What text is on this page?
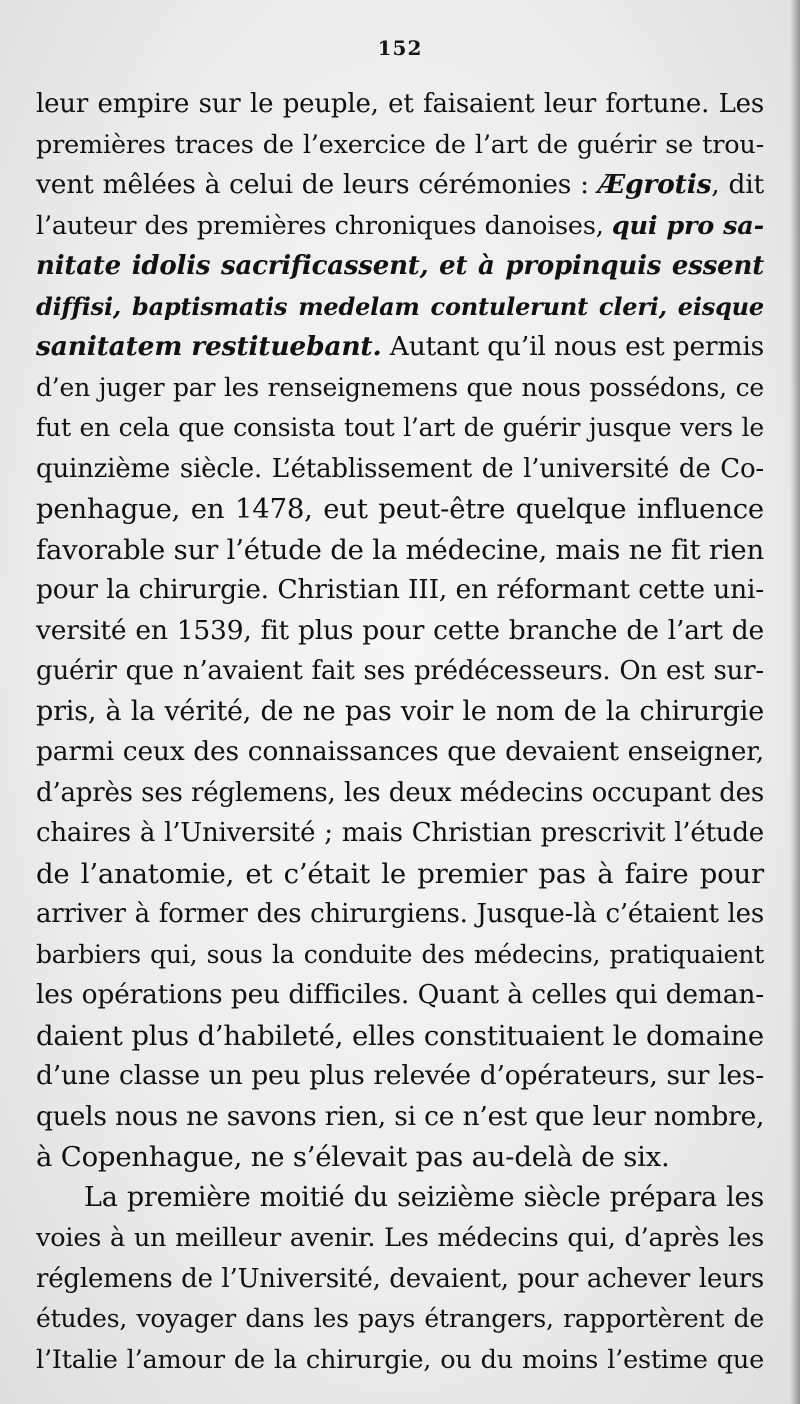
152
leur empire sur le peuple, et faisaient leur fortune. Les
premières traces de l’exercice de l’art de guérir se trou-
vent mêlées à celui de leurs cérémonies : Ægrotis, dit
l’auteur des premières chroniques danoises, qui pro sa-
nitate idolis sacrificassent, et à propinquis essent
diffisi, baptismatis medelam contulerunt cleri, eisque
sanitatem restituebant. Autant qu’il nous est permis
d’en juger par les renseignemens que nous possédons, ce
fut en cela que consista tout l’art de guérir jusque vers le
quinzième siècle. L’établissement de l’université de Co-
penhague, en 1478, eut peut-être quelque influence
favorable sur l’étude de la médecine, mais ne fit rien
pour la chirurgie. Christian III, en réformant cette uni-
versité en 1539, fit plus pour cette branche de l’art de
guérir que n’avaient fait ses prédécesseurs. On est sur-
pris, à la vérité, de ne pas voir le nom de la chirurgie
parmi ceux des connaissances que devaient enseigner,
d’après ses réglemens, les deux médecins occupant des
chaires à l’Université ; mais Christian prescrivit l’étude
de l’anatomie, et c’était le premier pas à faire pour
arriver à former des chirurgiens. Jusque-là c’étaient les
barbiers qui, sous la conduite des médecins, pratiquaient
les opérations peu difficiles. Quant à celles qui deman-
daient plus d’habileté, elles constituaient le domaine
d’une classe un peu plus relevée d’opérateurs, sur les-
quels nous ne savons rien, si ce n’est que leur nombre,
à Copenhague, ne s’élevait pas au-delà de six.
La première moitié du seizième siècle prépara les
voies à un meilleur avenir. Les médecins qui, d’après les
réglemens de l’Université, devaient, pour achever leurs
études, voyager dans les pays étrangers, rapportèrent de
l’Italie l’amour de la chirurgie, ou du moins l’estime que
